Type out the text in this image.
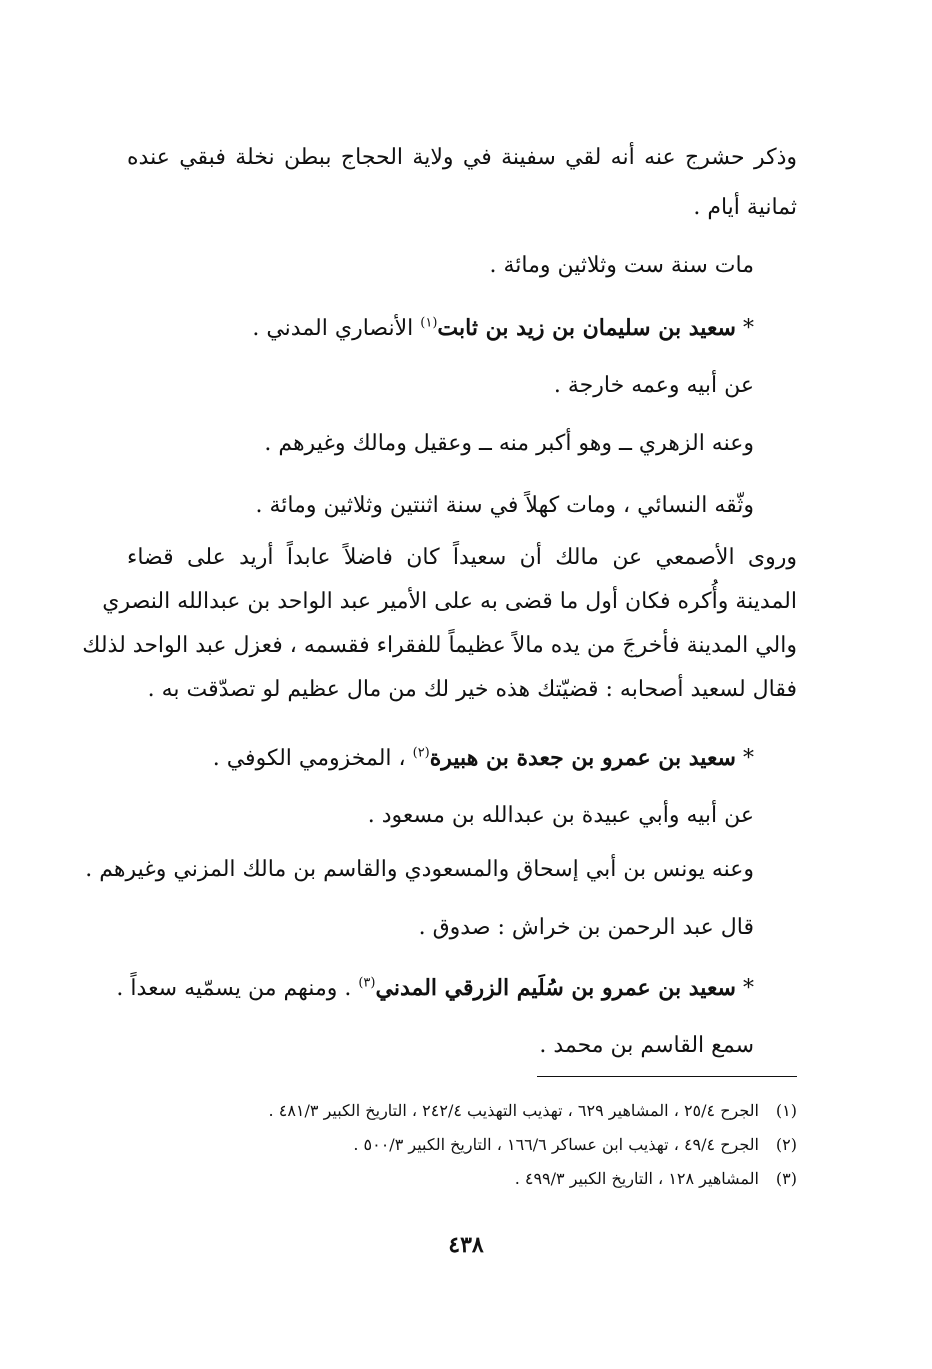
وذكر حشرج عنه أنه لقي سفينة في ولاية الحجاج ببطن نخلة فبقي عنده
ثمانية أيام .
مات سنة ست وثلاثين ومائة .
* سعيد بن سليمان بن زيد بن ثابت$^{(١)}$ الأنصاري المدني .
عن أبيه وعمه خارجة .
وعنه الزهري ــ وهو أكبر منه ــ وعقيل ومالك وغيرهم .
وثّقه النسائي ، ومات كهلاً في سنة اثنتين وثلاثين ومائة .
وروى الأصمعي عن مالك أن سعيداً كان فاضلاً عابداً أريد على قضاء
المدينة وأُكره فكان أول ما قضى به على الأمير عبد الواحد بن عبدالله النصري
والي المدينة فأخرجَ من يده مالاً عظيماً للفقراء فقسمه ، فعزل عبد الواحد لذلك
فقال لسعيد أصحابه : قضيّتك هذه خير لك من مال عظيم لو تصدّقت به .
* سعيد بن عمرو بن جعدة بن هبيرة$^{(٢)}$ ، المخزومي الكوفي .
عن أبيه وأبي عبيدة بن عبدالله بن مسعود .
وعنه يونس بن أبي إسحاق والمسعودي والقاسم بن مالك المزني وغيرهم .
قال عبد الرحمن بن خراش : صدوق .
* سعيد بن عمرو بن سُلَيم الزرقي المدني$^{(٣)}$ . ومنهم من يسمّيه سعداً .
سمع القاسم بن محمد .
(١)الجرح ٢٥/٤ ، المشاهير ٦٢٩ ، تهذيب التهذيب ٢٤٢/٤ ، التاريخ الكبير ٤٨١/٣ .
(٢)الجرح ٤٩/٤ ، تهذيب ابن عساكر ١٦٦/٦ ، التاريخ الكبير ٥٠٠/٣ .
(٣)المشاهير ١٢٨ ، التاريخ الكبير ٤٩٩/٣ .
٤٣٨
